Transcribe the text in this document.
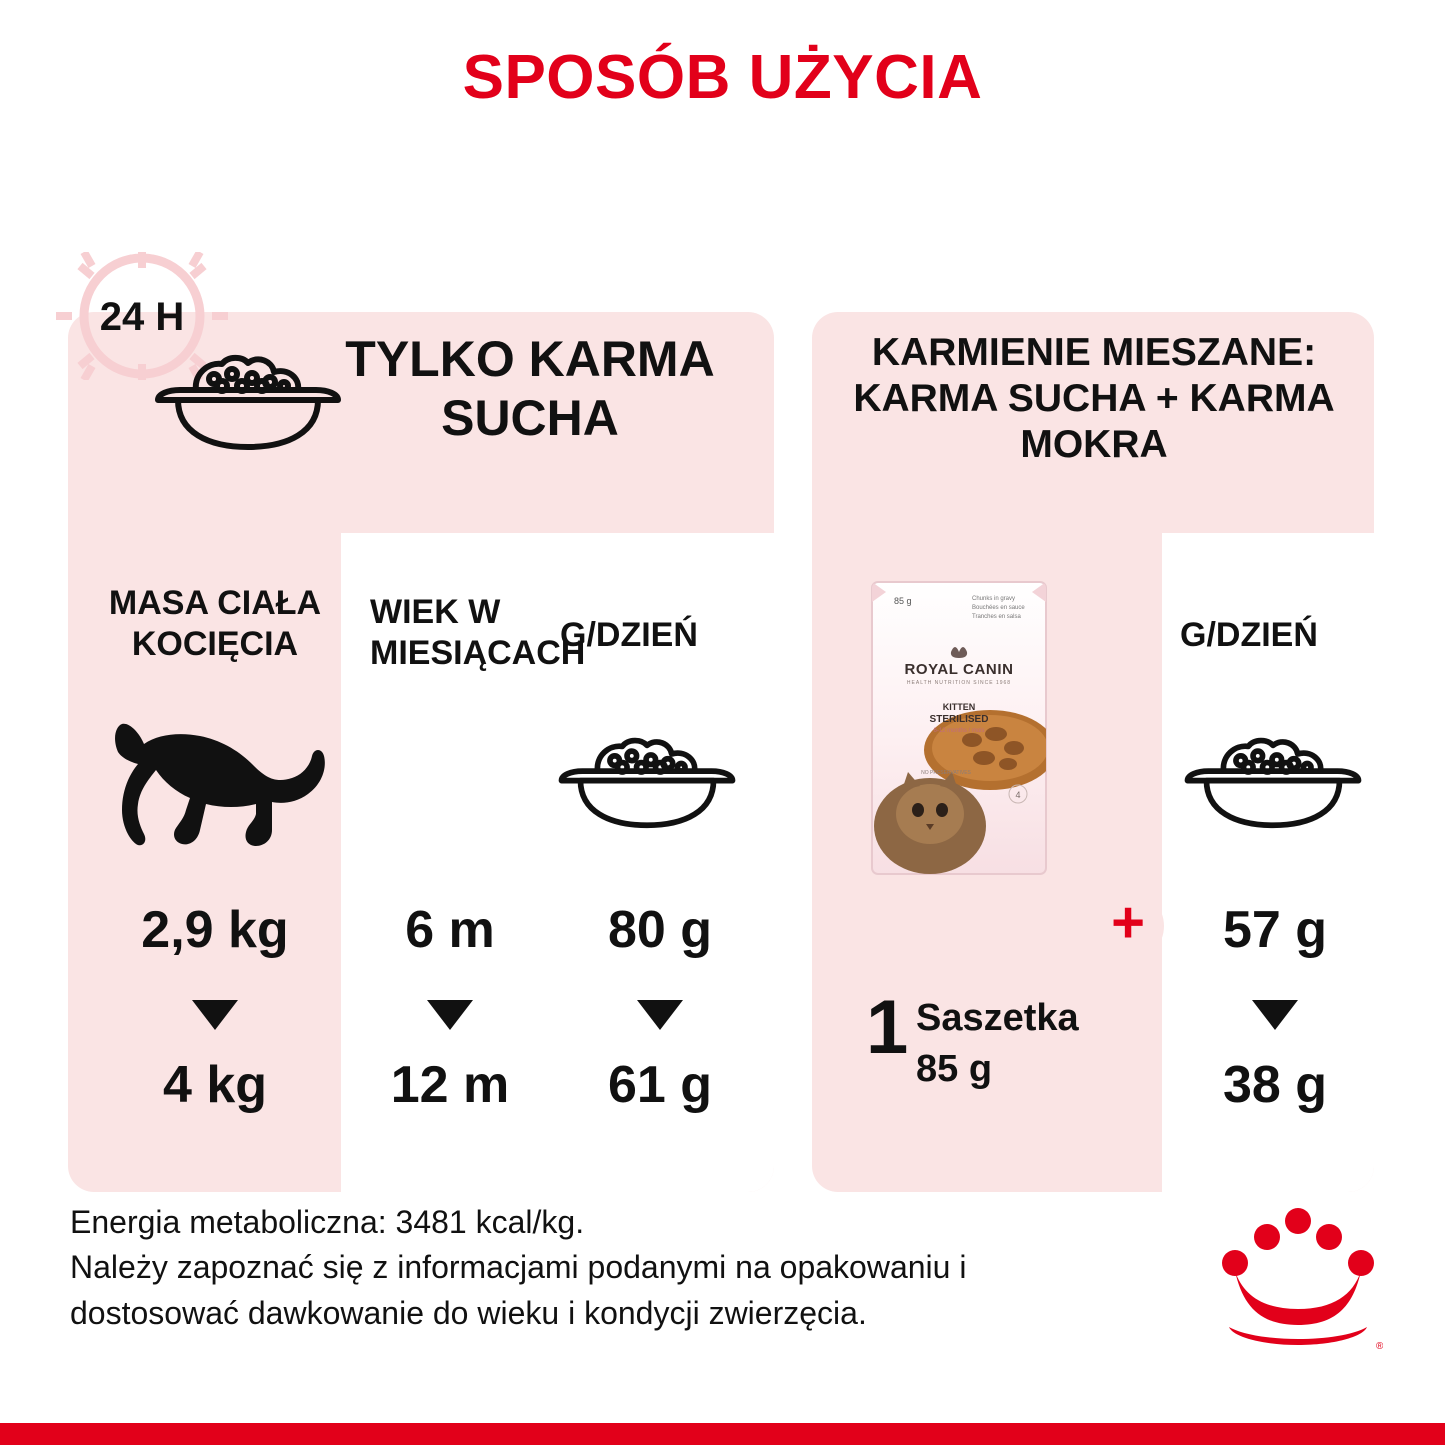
SPOSÓB UŻYCIA
24 H
TYLKO KARMA SUCHA
KARMIENIE MIESZANE: KARMA SUCHA + KARMA MOKRA
MASA CIAŁA KOCIĘCIA
WIEK W MIESIĄCACH
G/DZIEŃ	G/DZIEŃ
2,9 kg
4 kg
6 m
12 m
80 g
61 g
85 g	Chunks in gravy
Bouchées en sauce
Tranches en salsa
ROYAL CANIN
HEALTH NUTRITION SINCE 1968
KITTEN
STERILISED
6-12 months / mois
NO PRESERVATIVES
4
+
1 Saszetka
85 g
57 g
38 g
Energia metaboliczna: 3481 kcal/kg.
Należy zapoznać się z informacjami podanymi na opakowaniu i dostosować dawkowanie do wieku i kondycji zwierzęcia.
®
